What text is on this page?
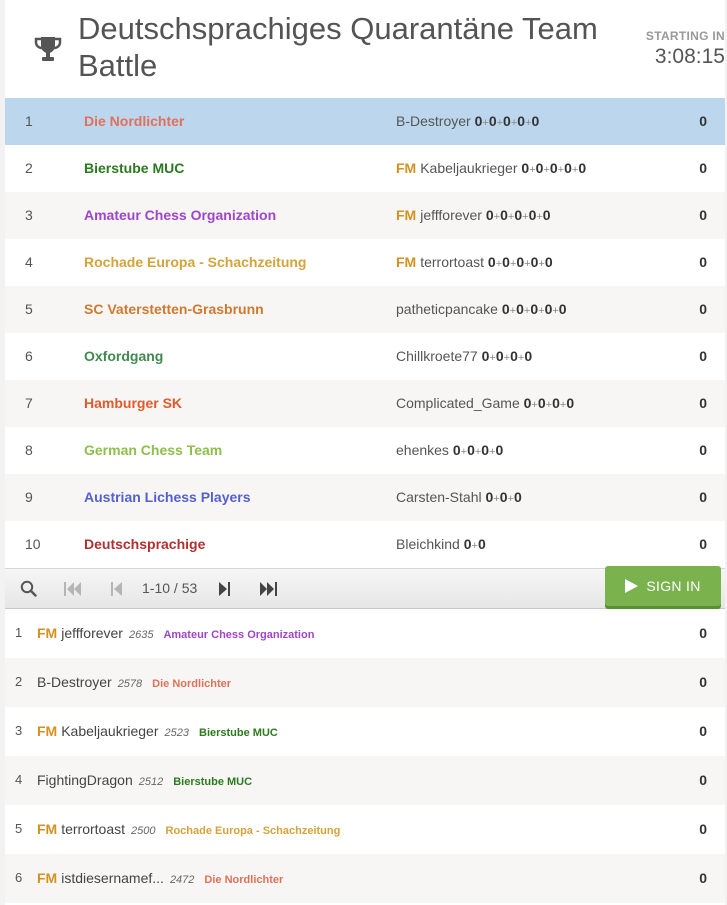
Deutschsprachiges Quarantäne Team Battle
STARTING IN
3:08:15
1	Die Nordlichter	B-Destroyer 0+0+0+0+0	0
2	Bierstube MUC	FM Kabeljaukrieger 0+0+0+0+0	0
3	Amateur Chess Organization	FM jeffforever 0+0+0+0+0	0
4	Rochade Europa - Schachzeitung	FM terrortoast 0+0+0+0+0	0
5	SC Vaterstetten-Grasbrunn	patheticpancake 0+0+0+0+0	0
6	Oxfordgang	Chillkroete77 0+0+0+0	0
7	Hamburger SK	Complicated_Game 0+0+0+0	0
8	German Chess Team	ehenkes 0+0+0+0	0
9	Austrian Lichess Players	Carsten-Stahl 0+0+0	0
10	Deutschsprachige	Bleichkind 0+0	0
1-10 / 53	SIGN IN
1 FM jeffforever 2635 Amateur Chess Organization	0
2 B-Destroyer 2578 Die Nordlichter	0
3 FM Kabeljaukrieger 2523 Bierstube MUC	0
4 FightingDragon 2512 Bierstube MUC	0
5 FM terrortoast 2500 Rochade Europa - Schachzeitung	0
6 FM istdiesernamef... 2472 Die Nordlichter	0
